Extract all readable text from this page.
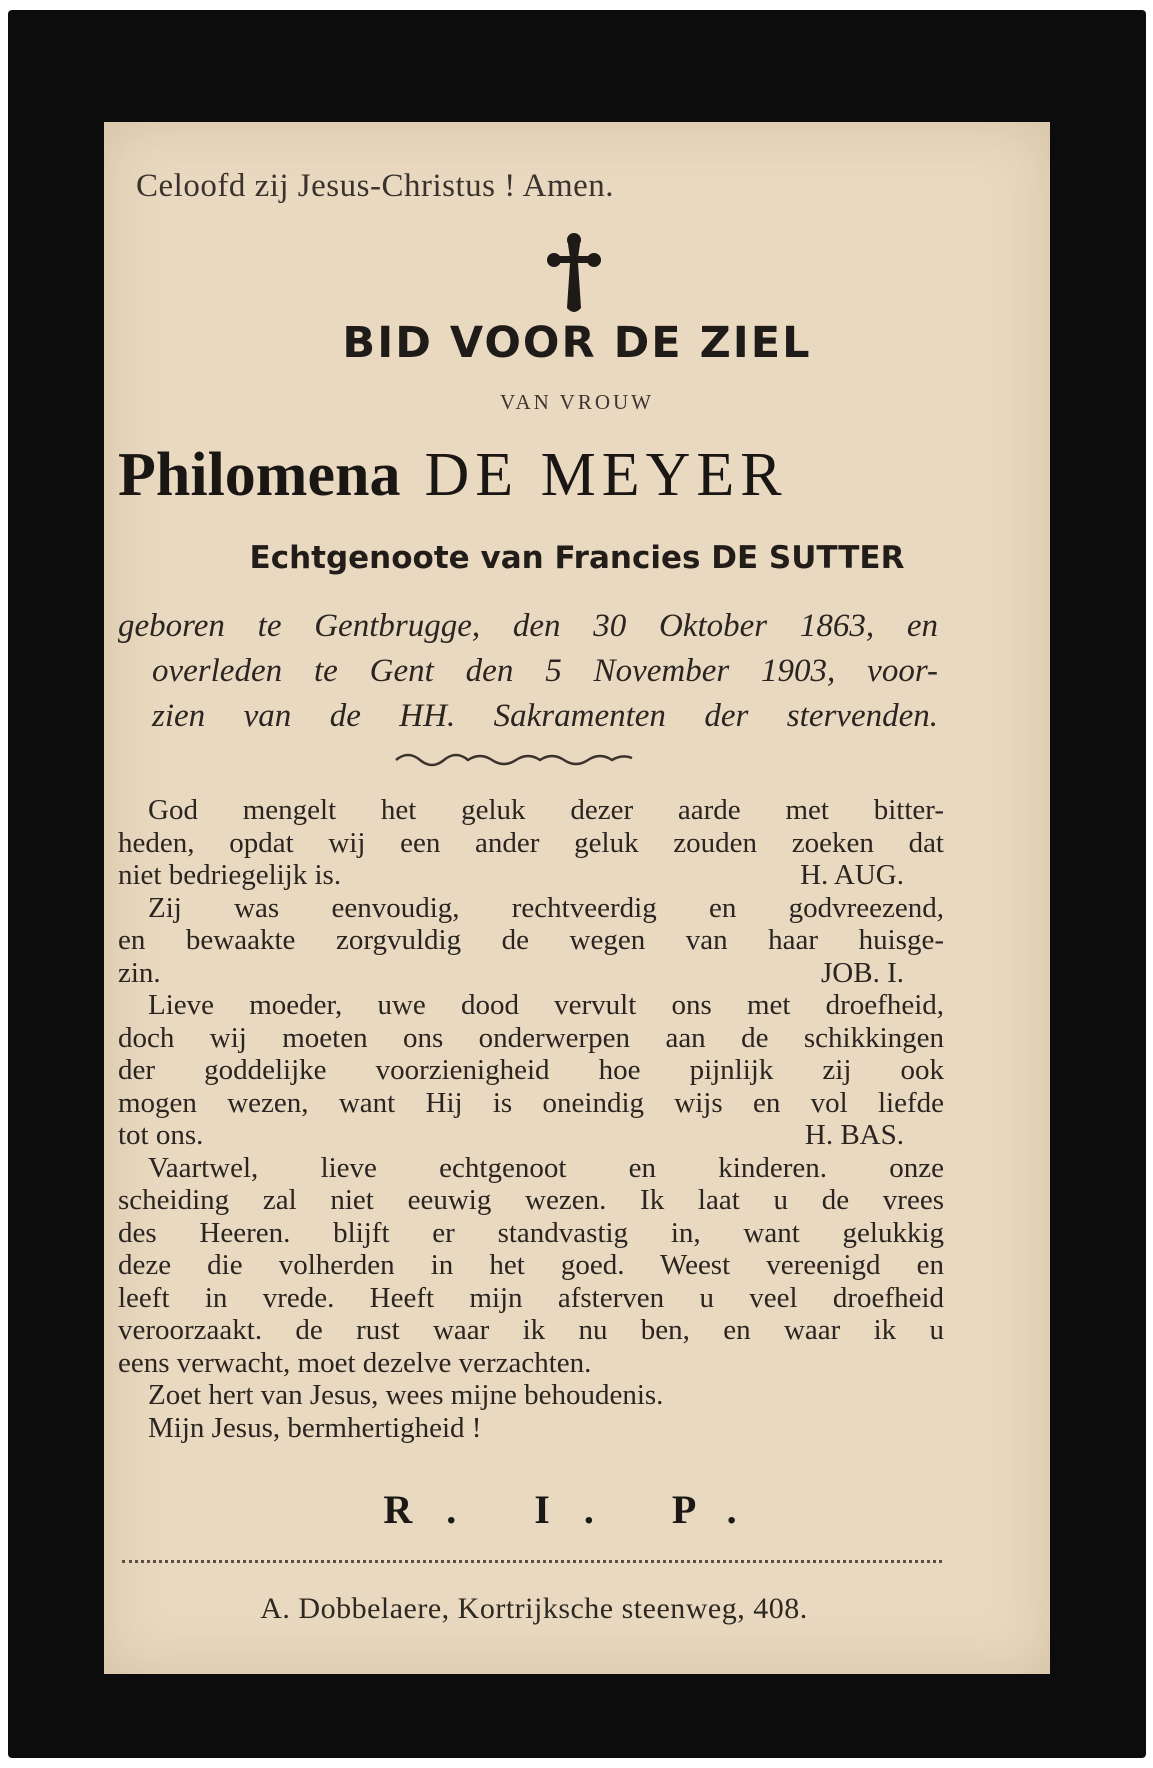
Celoofd zij Jesus-Christus ! Amen.
BID VOOR DE ZIEL
VAN VROUW
Philomena DE MEYER
Echtgenoote van Francies DE SUTTER
geboren te Gentbrugge, den 30 Oktober 1863, en
overleden te Gent den 5 November 1903, voor-
zien van de HH. Sakramenten der stervenden.
God mengelt het geluk dezer aarde met bitter-
heden, opdat wij een ander geluk zouden zoeken dat
niet bedriegelijk is.	H. AUG.
Zij was eenvoudig, rechtveerdig en godvreezend,
en bewaakte zorgvuldig de wegen van haar huisge-
zin.	JOB. I.
Lieve moeder, uwe dood vervult ons met droefheid,
doch wij moeten ons onderwerpen aan de schikkingen
der goddelijke voorzienigheid hoe pijnlijk zij ook
mogen wezen, want Hij is oneindig wijs en vol liefde
tot ons.	H. BAS.
Vaartwel, lieve echtgenoot en kinderen. onze
scheiding zal niet eeuwig wezen. Ik laat u de vrees
des Heeren. blijft er standvastig in, want gelukkig
deze die volherden in het goed. Weest vereenigd en
leeft in vrede. Heeft mijn afsterven u veel droefheid
veroorzaakt. de rust waar ik nu ben, en waar ik u
eens verwacht, moet dezelve verzachten.
Zoet hert van Jesus, wees mijne behoudenis.
Mijn Jesus, bermhertigheid !
R. I. P.
A. Dobbelaere, Kortrijksche steenweg, 408.
